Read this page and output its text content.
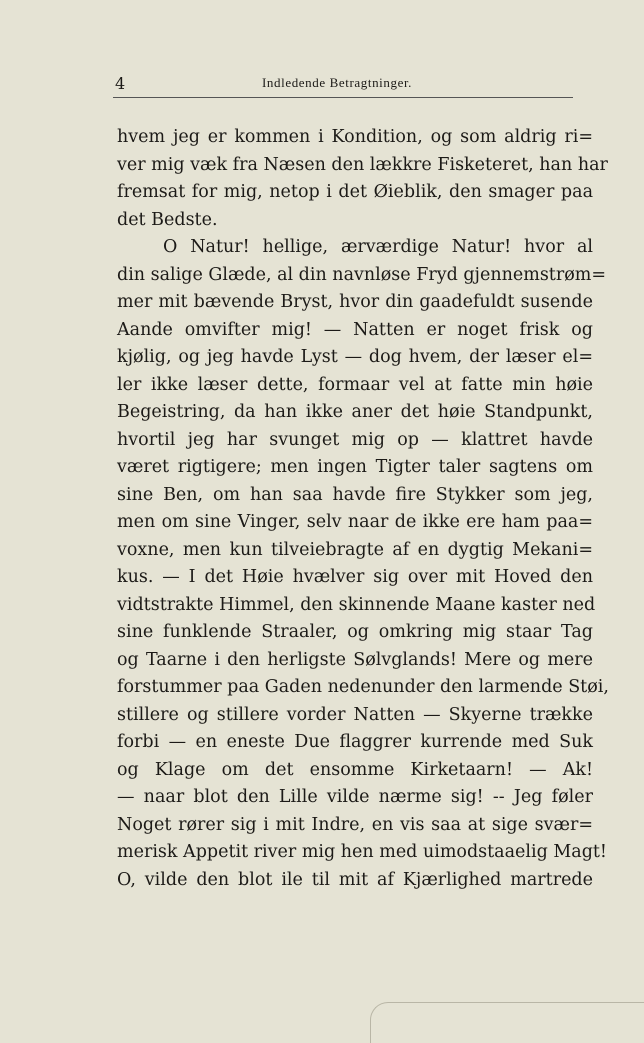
4	Indledende Betragtninger.
hvem jeg er kommen i Kondition, og som aldrig ri=
ver mig væk fra Næsen den lækkre Fisketeret, han har
fremsat for mig, netop i det Øieblik, den smager paa
det Bedste.
O Natur! hellige, ærværdige Natur! hvor al
din salige Glæde, al din navnløse Fryd gjennemstrøm=
mer mit bævende Bryst, hvor din gaadefuldt susende
Aande omvifter mig! — Natten er noget frisk og
kjølig, og jeg havde Lyst — dog hvem, der læser el=
ler ikke læser dette, formaar vel at fatte min høie
Begeistring, da han ikke aner det høie Standpunkt,
hvortil jeg har svunget mig op — klattret havde
været rigtigere; men ingen Tigter taler sagtens om
sine Ben, om han saa havde fire Stykker som jeg,
men om sine Vinger, selv naar de ikke ere ham paa=
voxne, men kun tilveiebragte af en dygtig Mekani=
kus. — I det Høie hvælver sig over mit Hoved den
vidtstrakte Himmel, den skinnende Maane kaster ned
sine funklende Straaler, og omkring mig staar Tag
og Taarne i den herligste Sølvglands! Mere og mere
forstummer paa Gaden nedenunder den larmende Støi,
stillere og stillere vorder Natten — Skyerne trække
forbi — en eneste Due flaggrer kurrende med Suk
og Klage om det ensomme Kirketaarn! — Ak!
— naar blot den Lille vilde nærme sig! -- Jeg føler
Noget rører sig i mit Indre, en vis saa at sige svær=
merisk Appetit river mig hen med uimodstaaelig Magt!
O, vilde den blot ile til mit af Kjærlighed martrede
